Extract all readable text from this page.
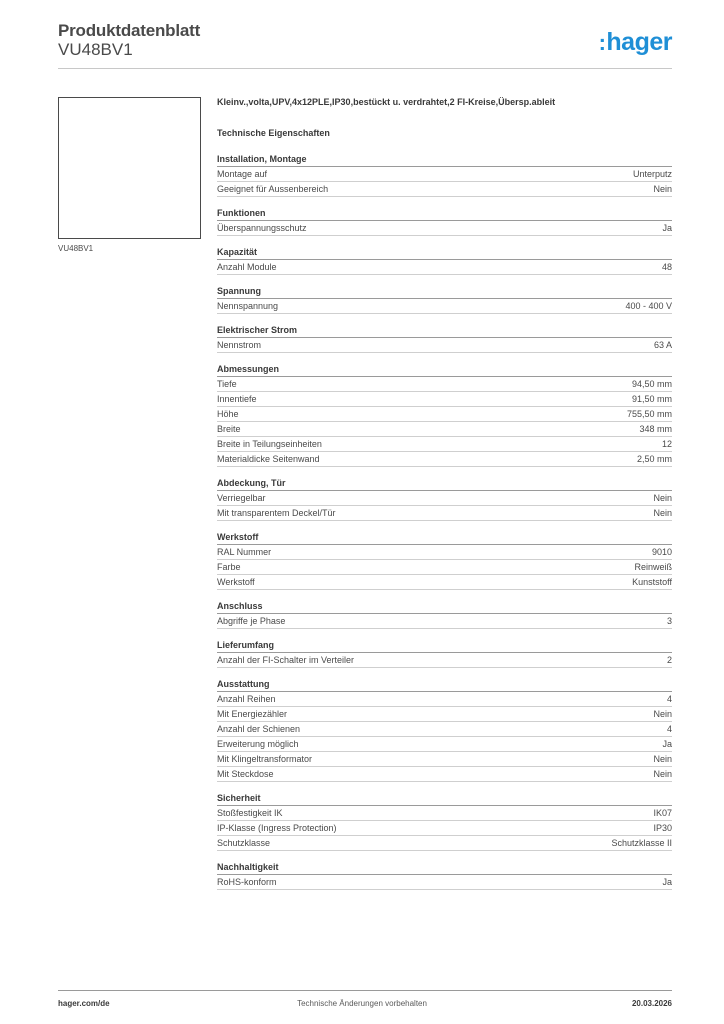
Produktdatenblatt
VU48BV1	:hager
VU48BV1
Kleinv.,volta,UPV,4x12PLE,IP30,bestückt u. verdrahtet,2 FI-Kreise,Übersp.ableit
Technische Eigenschaften
Installation, Montage
Montage auf	Unterputz
Geeignet für Aussenbereich	Nein
Funktionen
Überspannungsschutz	Ja
Kapazität
Anzahl Module	48
Spannung
Nennspannung	400 - 400 V
Elektrischer Strom
Nennstrom	63 A
Abmessungen
Tiefe	94,50 mm
Innentiefe	91,50 mm
Höhe	755,50 mm
Breite	348 mm
Breite in Teilungseinheiten	12
Materialdicke Seitenwand	2,50 mm
Abdeckung, Tür
Verriegelbar	Nein
Mit transparentem Deckel/Tür	Nein
Werkstoff
RAL Nummer	9010
Farbe	Reinweiß
Werkstoff	Kunststoff
Anschluss
Abgriffe je Phase	3
Lieferumfang
Anzahl der FI-Schalter im Verteiler	2
Ausstattung
Anzahl Reihen	4
Mit Energiezähler	Nein
Anzahl der Schienen	4
Erweiterung möglich	Ja
Mit Klingeltransformator	Nein
Mit Steckdose	Nein
Sicherheit
Stoßfestigkeit IK	IK07
IP-Klasse (Ingress Protection)	IP30
Schutzklasse	Schutzklasse II
Nachhaltigkeit
RoHS-konform	Ja
hager.com/de	Technische Änderungen vorbehalten	20.03.2026
